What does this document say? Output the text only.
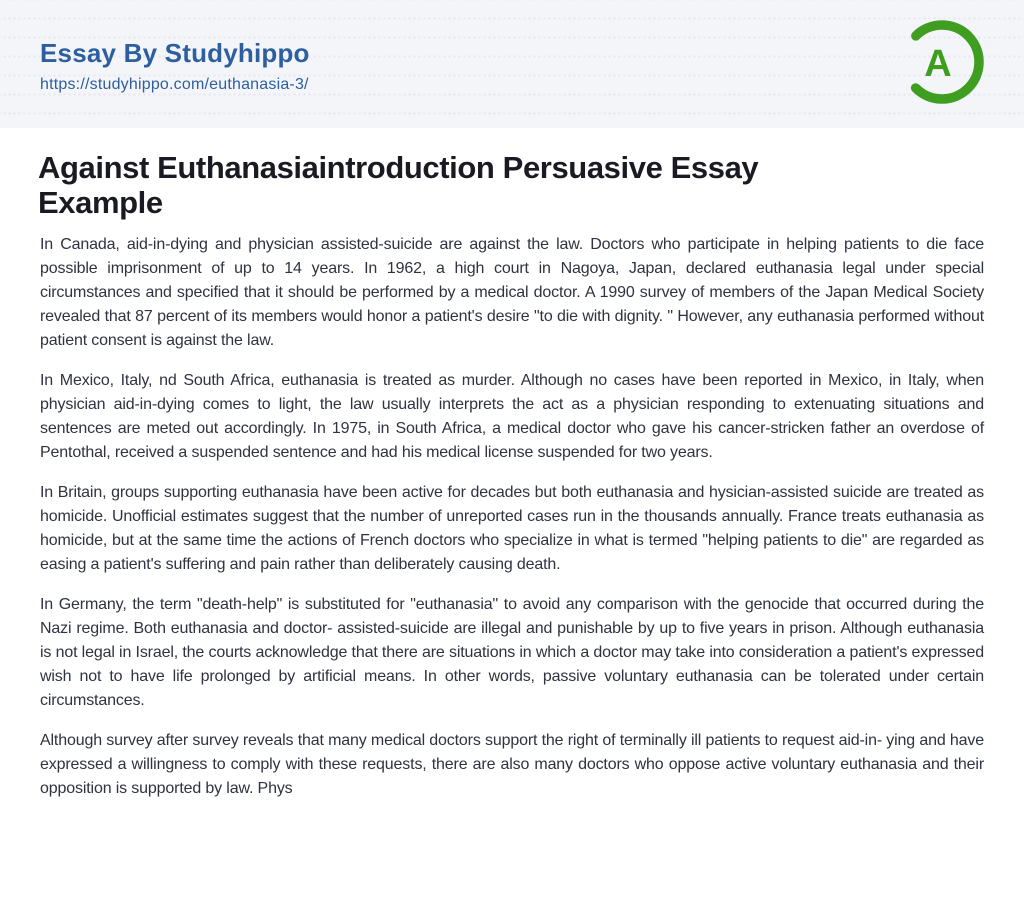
Essay By Studyhippo
https://studyhippo.com/euthanasia-3/	A
Against Euthanasiaintroduction Persuasive Essay
Example

In Canada, aid-in-dying and physician assisted-suicide are against the law. Doctors who participate in helping patients to die face possible imprisonment of up to 14 years. In 1962, a high court in Nagoya, Japan, declared euthanasia legal under special circumstances and specified that it should be performed by a medical doctor. A 1990 survey of members of the Japan Medical Society revealed that 87 percent of its members would honor a patient's desire "to die with dignity. " However, any euthanasia performed without patient consent is against the law.

In Mexico, Italy, nd South Africa, euthanasia is treated as murder. Although no cases have been reported in Mexico, in Italy, when physician aid-in-dying comes to light, the law usually interprets the act as a physician responding to extenuating situations and sentences are meted out accordingly. In 1975, in South Africa, a medical doctor who gave his cancer-stricken father an overdose of Pentothal, received a suspended sentence and had his medical license suspended for two years.

In Britain, groups supporting euthanasia have been active for decades but both euthanasia and hysician-assisted suicide are treated as homicide. Unofficial estimates suggest that the number of unreported cases run in the thousands annually. France treats euthanasia as homicide, but at the same time the actions of French doctors who specialize in what is termed "helping patients to die" are regarded as easing a patient's suffering and pain rather than deliberately causing death.

In Germany, the term "death-help" is substituted for "euthanasia" to avoid any comparison with the genocide that occurred during the Nazi regime. Both euthanasia and doctor- assisted-suicide are illegal and punishable by up to five years in prison. Although euthanasia is not legal in Israel, the courts acknowledge that there are situations in which a doctor may take into consideration a patient's expressed wish not to have life prolonged by artificial means. In other words, passive voluntary euthanasia can be tolerated under certain circumstances.

Although survey after survey reveals that many medical doctors support the right of terminally ill patients to request aid-in- ying and have expressed a willingness to comply with these requests, there are also many doctors who oppose active voluntary euthanasia and their opposition is supported by law. Phys
